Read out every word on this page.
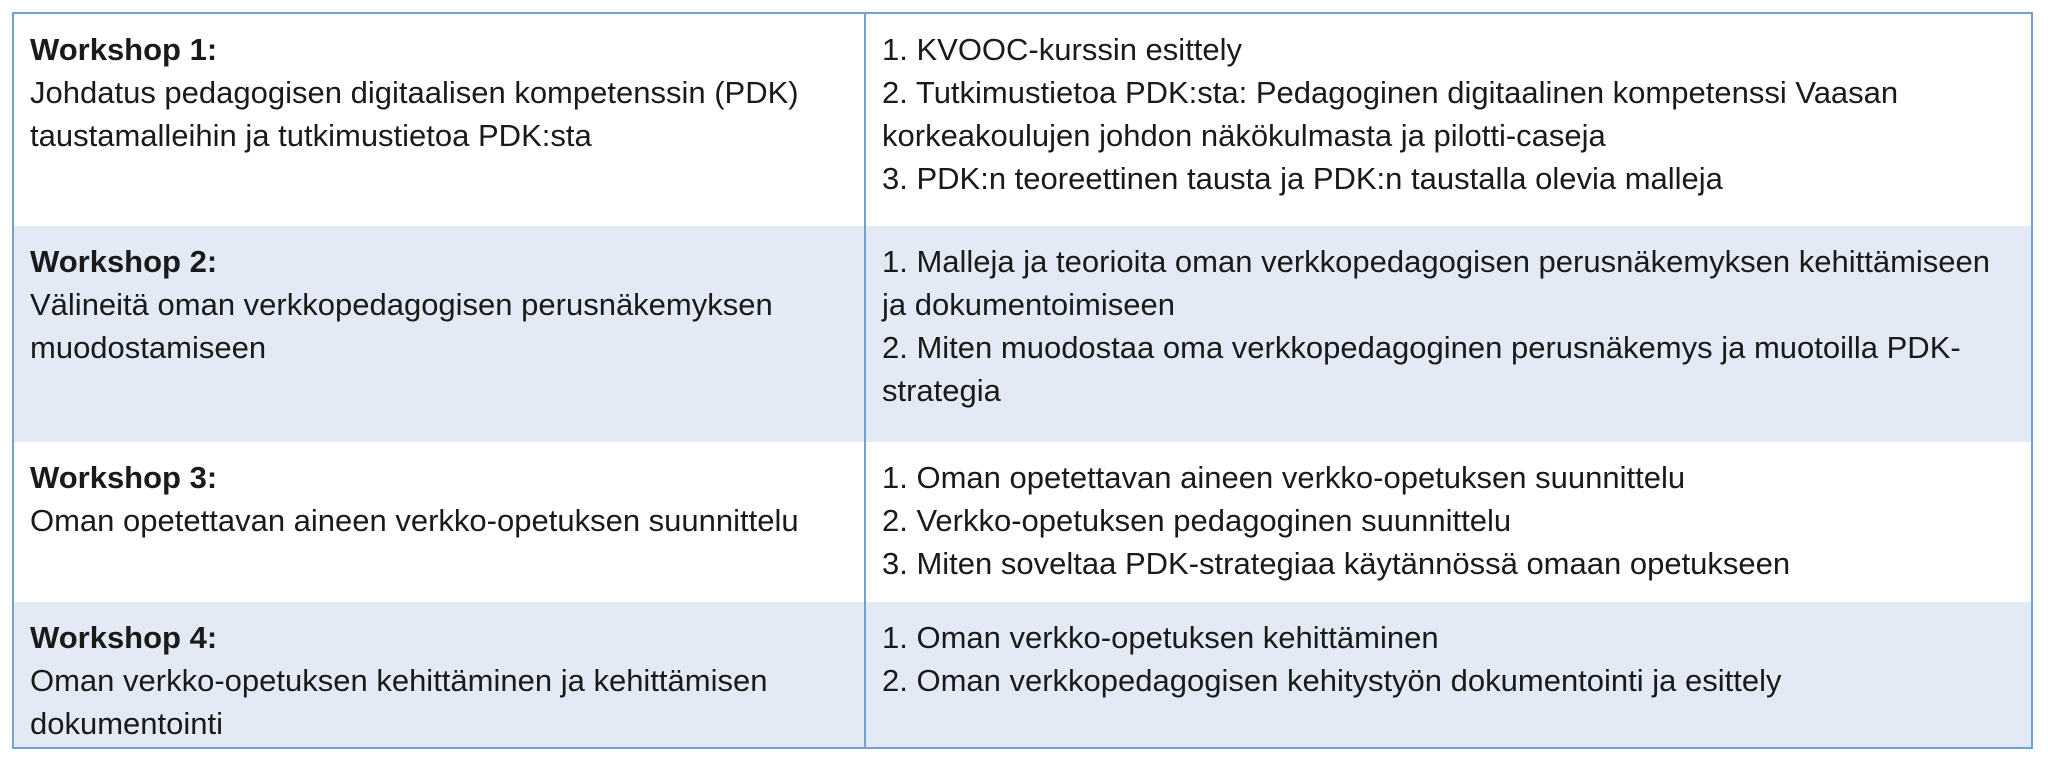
Workshop 1:
Johdatus pedagogisen digitaalisen kompetenssin (PDK) taustamalleihin ja tutkimustietoa PDK:sta
1. KVOOC-kurssin esittely
2. Tutkimustietoa PDK:sta: Pedagoginen digitaalinen kompetenssi Vaasan korkeakoulujen johdon näkökulmasta ja pilotti-caseja
3. PDK:n teoreettinen tausta ja PDK:n taustalla olevia malleja
Workshop 2:
Välineitä oman verkkopedagogisen perusnäkemyksen muodostamiseen
1. Malleja ja teorioita oman verkkopedagogisen perusnäkemyksen kehittämiseen ja dokumentoimiseen
2. Miten muodostaa oma verkkopedagoginen perusnäkemys ja muotoilla PDK-strategia
Workshop 3:
Oman opetettavan aineen verkko-opetuksen suunnittelu
1. Oman opetettavan aineen verkko-opetuksen suunnittelu
2. Verkko-opetuksen pedagoginen suunnittelu
3. Miten soveltaa PDK-strategiaa käytännössä omaan opetukseen
Workshop 4:
Oman verkko-opetuksen kehittäminen ja kehittämisen dokumentointi
1. Oman verkko-opetuksen kehittäminen
2. Oman verkkopedagogisen kehitystyön dokumentointi ja esittely
